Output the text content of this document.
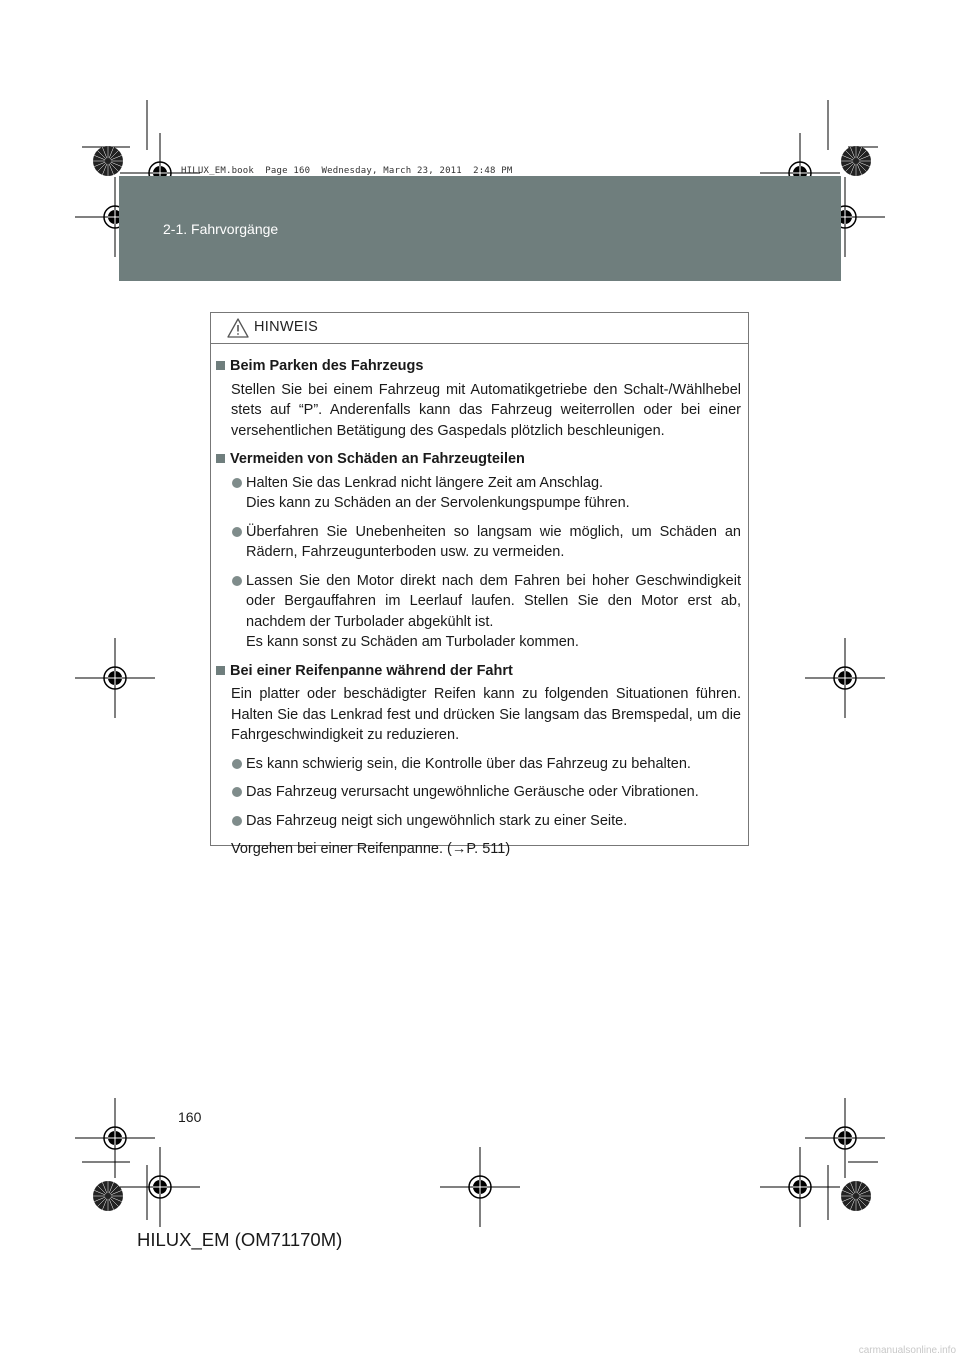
2-1. Fahrvorgänge
HILUX_EM.book  Page 160  Wednesday, March 23, 2011  2:48 PM
HINWEIS
Beim Parken des Fahrzeugs
Stellen Sie bei einem Fahrzeug mit Automatikgetriebe den Schalt-/Wählhebel stets auf “P”. Anderenfalls kann das Fahrzeug weiterrollen oder bei einer versehentlichen Betätigung des Gaspedals plötzlich beschleunigen.
Vermeiden von Schäden an Fahrzeugteilen
Halten Sie das Lenkrad nicht längere Zeit am Anschlag.
Dies kann zu Schäden an der Servolenkungspumpe führen.
Überfahren Sie Unebenheiten so langsam wie möglich, um Schäden an Rädern, Fahrzeugunterboden usw. zu vermeiden.
Lassen Sie den Motor direkt nach dem Fahren bei hoher Geschwindigkeit oder Bergauffahren im Leerlauf laufen. Stellen Sie den Motor erst ab, nachdem der Turbolader abgekühlt ist.
Es kann sonst zu Schäden am Turbolader kommen.
Bei einer Reifenpanne während der Fahrt
Ein platter oder beschädigter Reifen kann zu folgenden Situationen führen. Halten Sie das Lenkrad fest und drücken Sie langsam das Bremspedal, um die Fahrgeschwindigkeit zu reduzieren.
Es kann schwierig sein, die Kontrolle über das Fahrzeug zu behalten.
Das Fahrzeug verursacht ungewöhnliche Geräusche oder Vibrationen.
Das Fahrzeug neigt sich ungewöhnlich stark zu einer Seite.
Vorgehen bei einer Reifenpanne. (→P. 511)
160
HILUX_EM (OM71170M)
carmanualsonline.info
